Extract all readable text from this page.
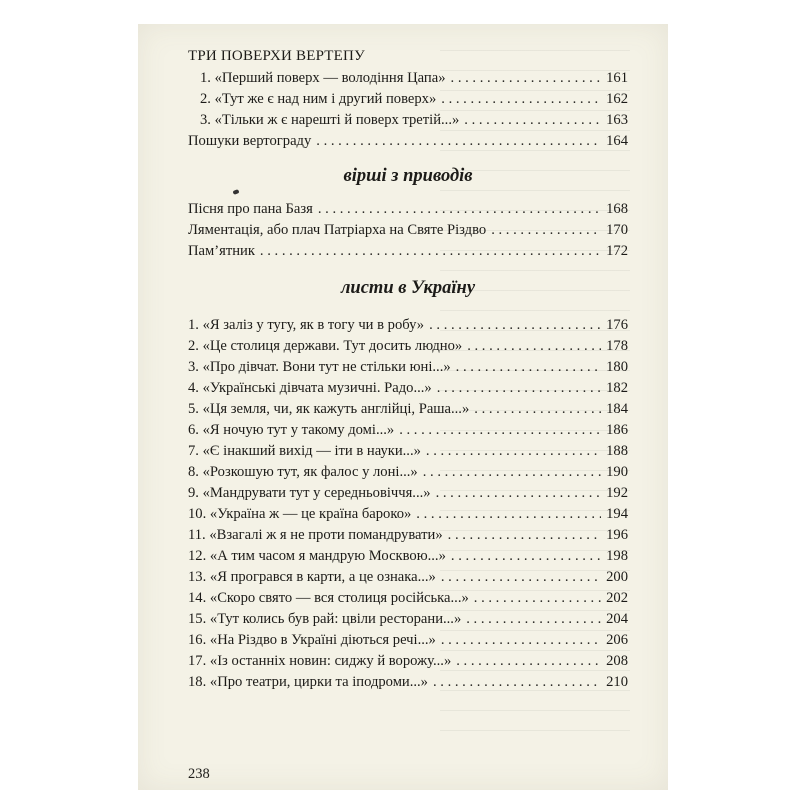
ТРИ ПОВЕРХИ ВЕРТЕПУ
1. «Перший поверх — володіння Цапа» . . .	161
2. «Тут же є над ним і другий поверх» . . .	162
3. «Тільки ж є нарешті й поверх третій...» . . .	163
Пошуки вертограду . . .	164
вірші з приводів
Пісня про пана Базя . . .	168
Ляментація, або плач Патріарха на Святе Різдво . . .	170
Пам’ятник . . .	172
листи в Україну
1. «Я заліз у тугу, як в тогу чи в робу» . . .	176
2. «Це столиця держави. Тут досить людно» . . .	178
3. «Про дівчат. Вони тут не стільки юні...» . . .	180
4. «Українські дівчата музичні. Радо...» . . .	182
5. «Ця земля, чи, як кажуть англійці, Раша...» . . .	184
6. «Я ночую тут у такому домі...» . . .	186
7. «Є інакший вихід — іти в науки...» . . .	188
8. «Розкошую тут, як фалос у лоні...» . . .	190
9. «Мандрувати тут у середньовіччя...» . . .	192
10. «Україна ж — це країна бароко» . . .	194
11. «Взагалі ж я не проти помандрувати» . . .	196
12. «А тим часом я мандрую Москвою...» . . .	198
13. «Я програвся в карти, а це ознака...» . . .	200
14. «Скоро свято — вся столиця російська...» . . .	202
15. «Тут колись був рай: цвіли ресторани...» . . .	204
16. «На Різдво в Україні діються речі...» . . .	206
17. «Із останніх новин: сиджу й ворожу...» . . .	208
18. «Про театри, цирки та іподроми...» . . .	210
238
